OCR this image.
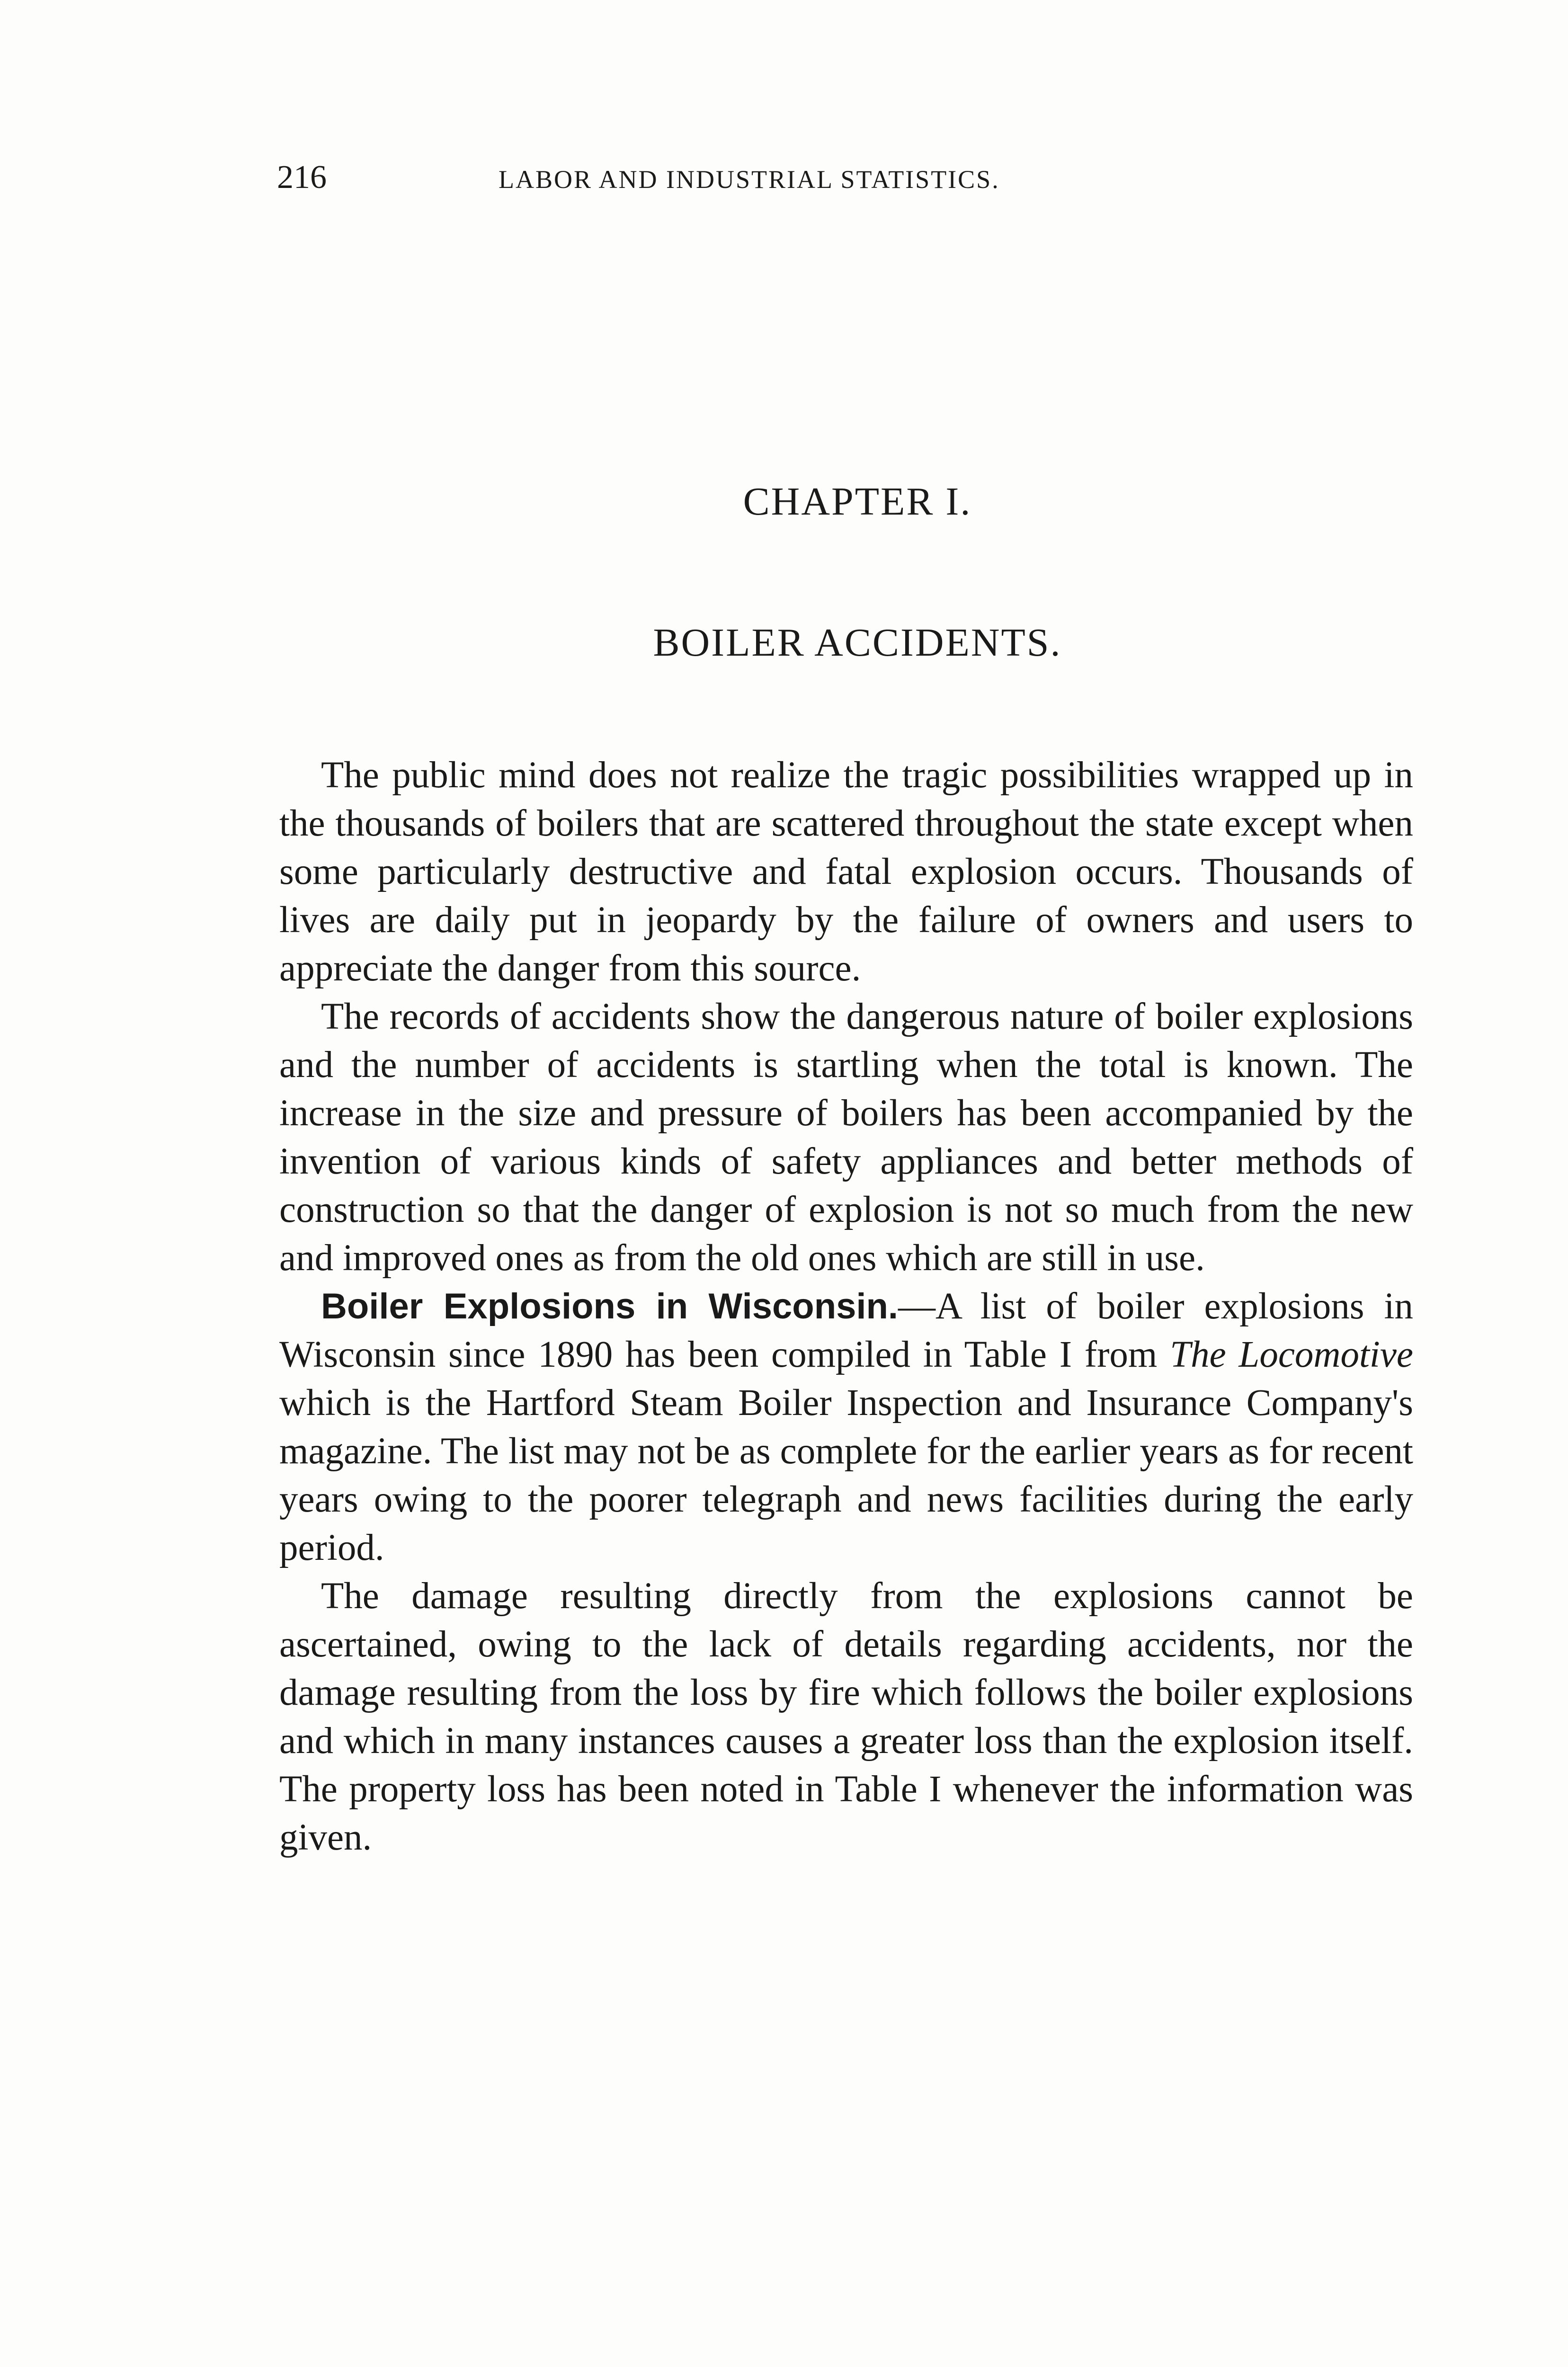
216	LABOR AND INDUSTRIAL STATISTICS.
CHAPTER I.
BOILER ACCIDENTS.

The public mind does not realize the tragic possibilities wrapped up in the thousands of boilers that are scattered throughout the state except when some particularly destructive and fatal explosion occurs. Thousands of lives are daily put in jeopardy by the failure of owners and users to appreciate the danger from this source.

The records of accidents show the dangerous nature of boiler explosions and the number of accidents is startling when the total is known. The increase in the size and pressure of boilers has been accompanied by the invention of various kinds of safety appliances and better methods of construction so that the danger of explosion is not so much from the new and improved ones as from the old ones which are still in use.

Boiler Explosions in Wisconsin.—A list of boiler explosions in Wisconsin since 1890 has been compiled in Table I from The Locomotive which is the Hartford Steam Boiler Inspection and Insurance Company's magazine. The list may not be as complete for the earlier years as for recent years owing to the poorer telegraph and news facilities during the early period.

The damage resulting directly from the explosions cannot be ascertained, owing to the lack of details regarding accidents, nor the damage resulting from the loss by fire which follows the boiler explosions and which in many instances causes a greater loss than the explosion itself. The property loss has been noted in Table I whenever the information was given.
